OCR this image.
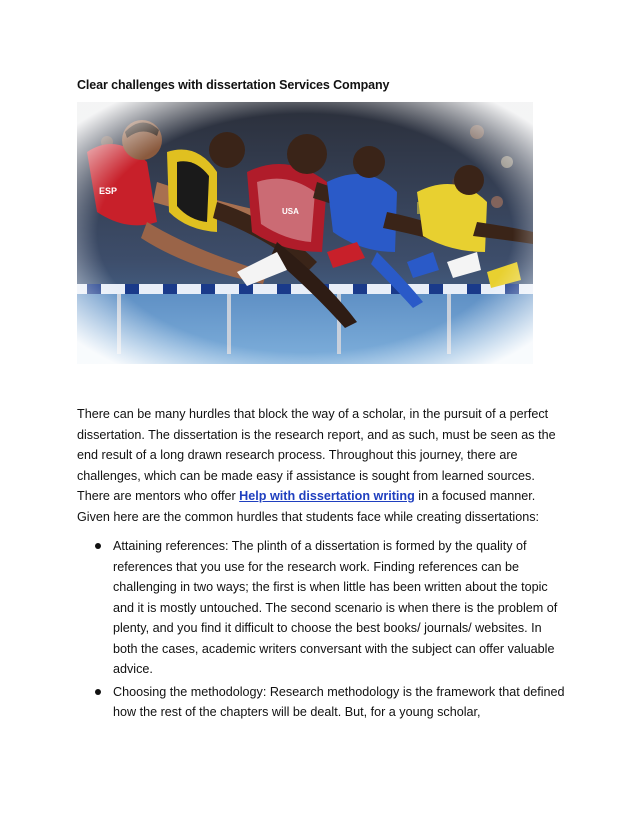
Clear challenges with dissertation Services Company

There can be many hurdles that block the way of a scholar, in the pursuit of a perfect dissertation. The dissertation is the research report, and as such, must be seen as the end result of a long drawn research process. Throughout this journey, there are challenges, which can be made easy if assistance is sought from learned sources. There are mentors who offer Help with dissertation writing in a focused manner. Given here are the common hurdles that students face while creating dissertations:

Attaining references: The plinth of a dissertation is formed by the quality of references that you use for the research work. Finding references can be challenging in two ways; the first is when little has been written about the topic and it is mostly untouched. The second scenario is when there is the problem of plenty, and you find it difficult to choose the best books/ journals/ websites. In both the cases, academic writers conversant with the subject can offer valuable advice.
Choosing the methodology: Research methodology is the framework that defined how the rest of the chapters will be dealt. But, for a young scholar,
